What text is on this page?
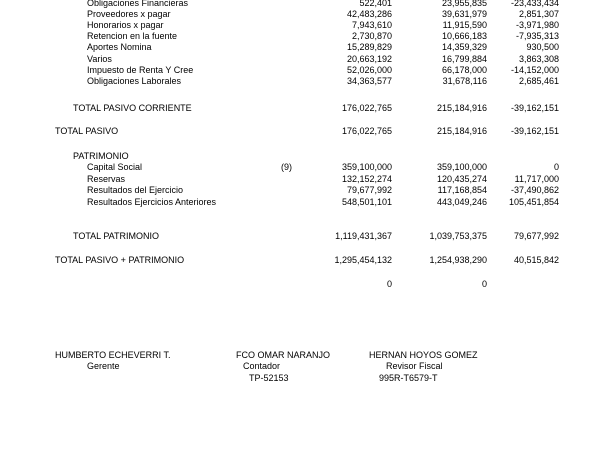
Obligaciones Financieras	522,401	23,955,835	-23,433,434
Proveedores x pagar	42,483,286	39,631,979	2,851,307
Honorarios x pagar	7,943,610	11,915,590	-3,971,980
Retencion en la fuente	2,730,870	10,666,183	-7,935,313
Aportes Nomina	15,289,829	14,359,329	930,500
Varios	20,663,192	16,799,884	3,863,308
Impuesto de Renta Y Cree	52,026,000	66,178,000	-14,152,000
Obligaciones Laborales	34,363,577	31,678,116	2,685,461
TOTAL PASIVO CORRIENTE	176,022,765	215,184,916	-39,162,151
TOTAL PASIVO	176,022,765	215,184,916	-39,162,151
PATRIMONIO
Capital Social	(9)	359,100,000	359,100,000	0
Reservas	132,152,274	120,435,274	11,717,000
Resultados del Ejercicio	79,677,992	117,168,854	-37,490,862
Resultados Ejercicios Anteriores	548,501,101	443,049,246 105,451,854
TOTAL PATRIMONIO	1,119,431,367	1,039,753,375	79,677,992
TOTAL PASIVO + PATRIMONIO	1,295,454,132	1,254,938,290	40,515,842
0	0
HUMBERTO ECHEVERRI T.
Gerente
FCO OMAR NARANJO
Contador
TP-52153
HERNAN HOYOS GOMEZ
Revisor Fiscal
995R-T6579-T
